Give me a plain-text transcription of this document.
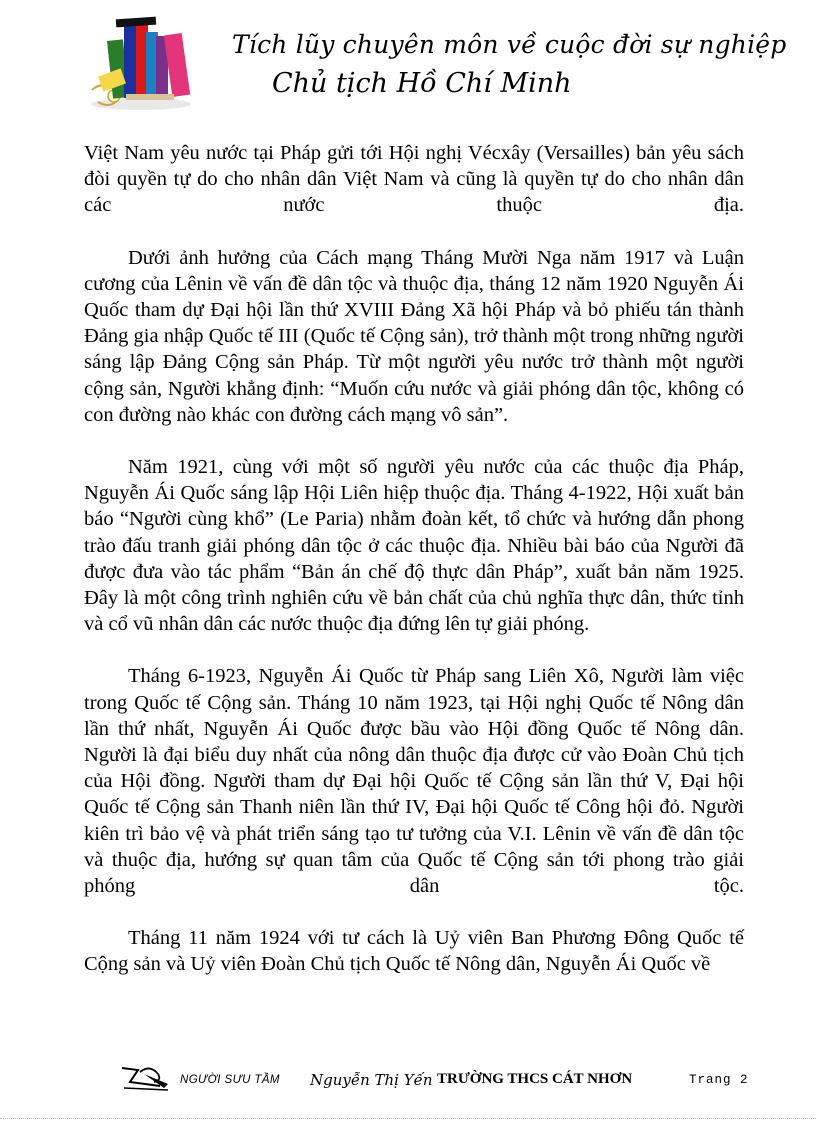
Tích lũy chuyên môn về cuộc đời sự nghiệp
Chủ tịch Hồ Chí Minh

Việt Nam yêu nước tại Pháp gửi tới Hội nghị Vécxây (Versailles) bản yêu sách đòi quyền tự do cho nhân dân Việt Nam và cũng là quyền tự do cho nhân dân các nước thuộc địa.

Dưới ảnh hưởng của Cách mạng Tháng Mười Nga năm 1917 và Luận cương của Lênin về vấn đề dân tộc và thuộc địa, tháng 12 năm 1920 Nguyễn Ái Quốc tham dự Đại hội lần thứ XVIII Đảng Xã hội Pháp và bỏ phiếu tán thành Đảng gia nhập Quốc tế III (Quốc tế Cộng sản), trở thành một trong những người sáng lập Đảng Cộng sản Pháp. Từ một người yêu nước trở thành một người cộng sản, Người khẳng định: “Muốn cứu nước và giải phóng dân tộc, không có con đường nào khác con đường cách mạng vô sản”.

Năm 1921, cùng với một số người yêu nước của các thuộc địa Pháp, Nguyễn Ái Quốc sáng lập Hội Liên hiệp thuộc địa. Tháng 4-1922, Hội xuất bản báo “Người cùng khổ” (Le Paria) nhằm đoàn kết, tổ chức và hướng dẫn phong trào đấu tranh giải phóng dân tộc ở các thuộc địa. Nhiều bài báo của Người đã được đưa vào tác phẩm “Bản án chế độ thực dân Pháp”, xuất bản năm 1925. Đây là một công trình nghiên cứu về bản chất của chủ nghĩa thực dân, thức tỉnh và cổ vũ nhân dân các nước thuộc địa đứng lên tự giải phóng.

Tháng 6-1923, Nguyễn Ái Quốc từ Pháp sang Liên Xô, Người làm việc trong Quốc tế Cộng sản. Tháng 10 năm 1923, tại Hội nghị Quốc tế Nông dân lần thứ nhất, Nguyễn Ái Quốc được bầu vào Hội đồng Quốc tế Nông dân. Người là đại biểu duy nhất của nông dân thuộc địa được cử vào Đoàn Chủ tịch của Hội đồng. Người tham dự Đại hội Quốc tế Cộng sản lần thứ V, Đại hội Quốc tế Cộng sản Thanh niên lần thứ IV, Đại hội Quốc tế Công hội đỏ. Người kiên trì bảo vệ và phát triển sáng tạo tư tưởng của V.I. Lênin về vấn đề dân tộc và thuộc địa, hướng sự quan tâm của Quốc tế Cộng sản tới phong trào giải phóng dân tộc.

Tháng 11 năm 1924 với tư cách là Uỷ viên Ban Phương Đông Quốc tế Cộng sản và Uỷ viên Đoàn Chủ tịch Quốc tế Nông dân, Nguyễn Ái Quốc về

NGƯỜI SƯU TẦM Nguyễn Thị Yến TRƯỜNG THCS CÁT NHƠN	Trang 2
